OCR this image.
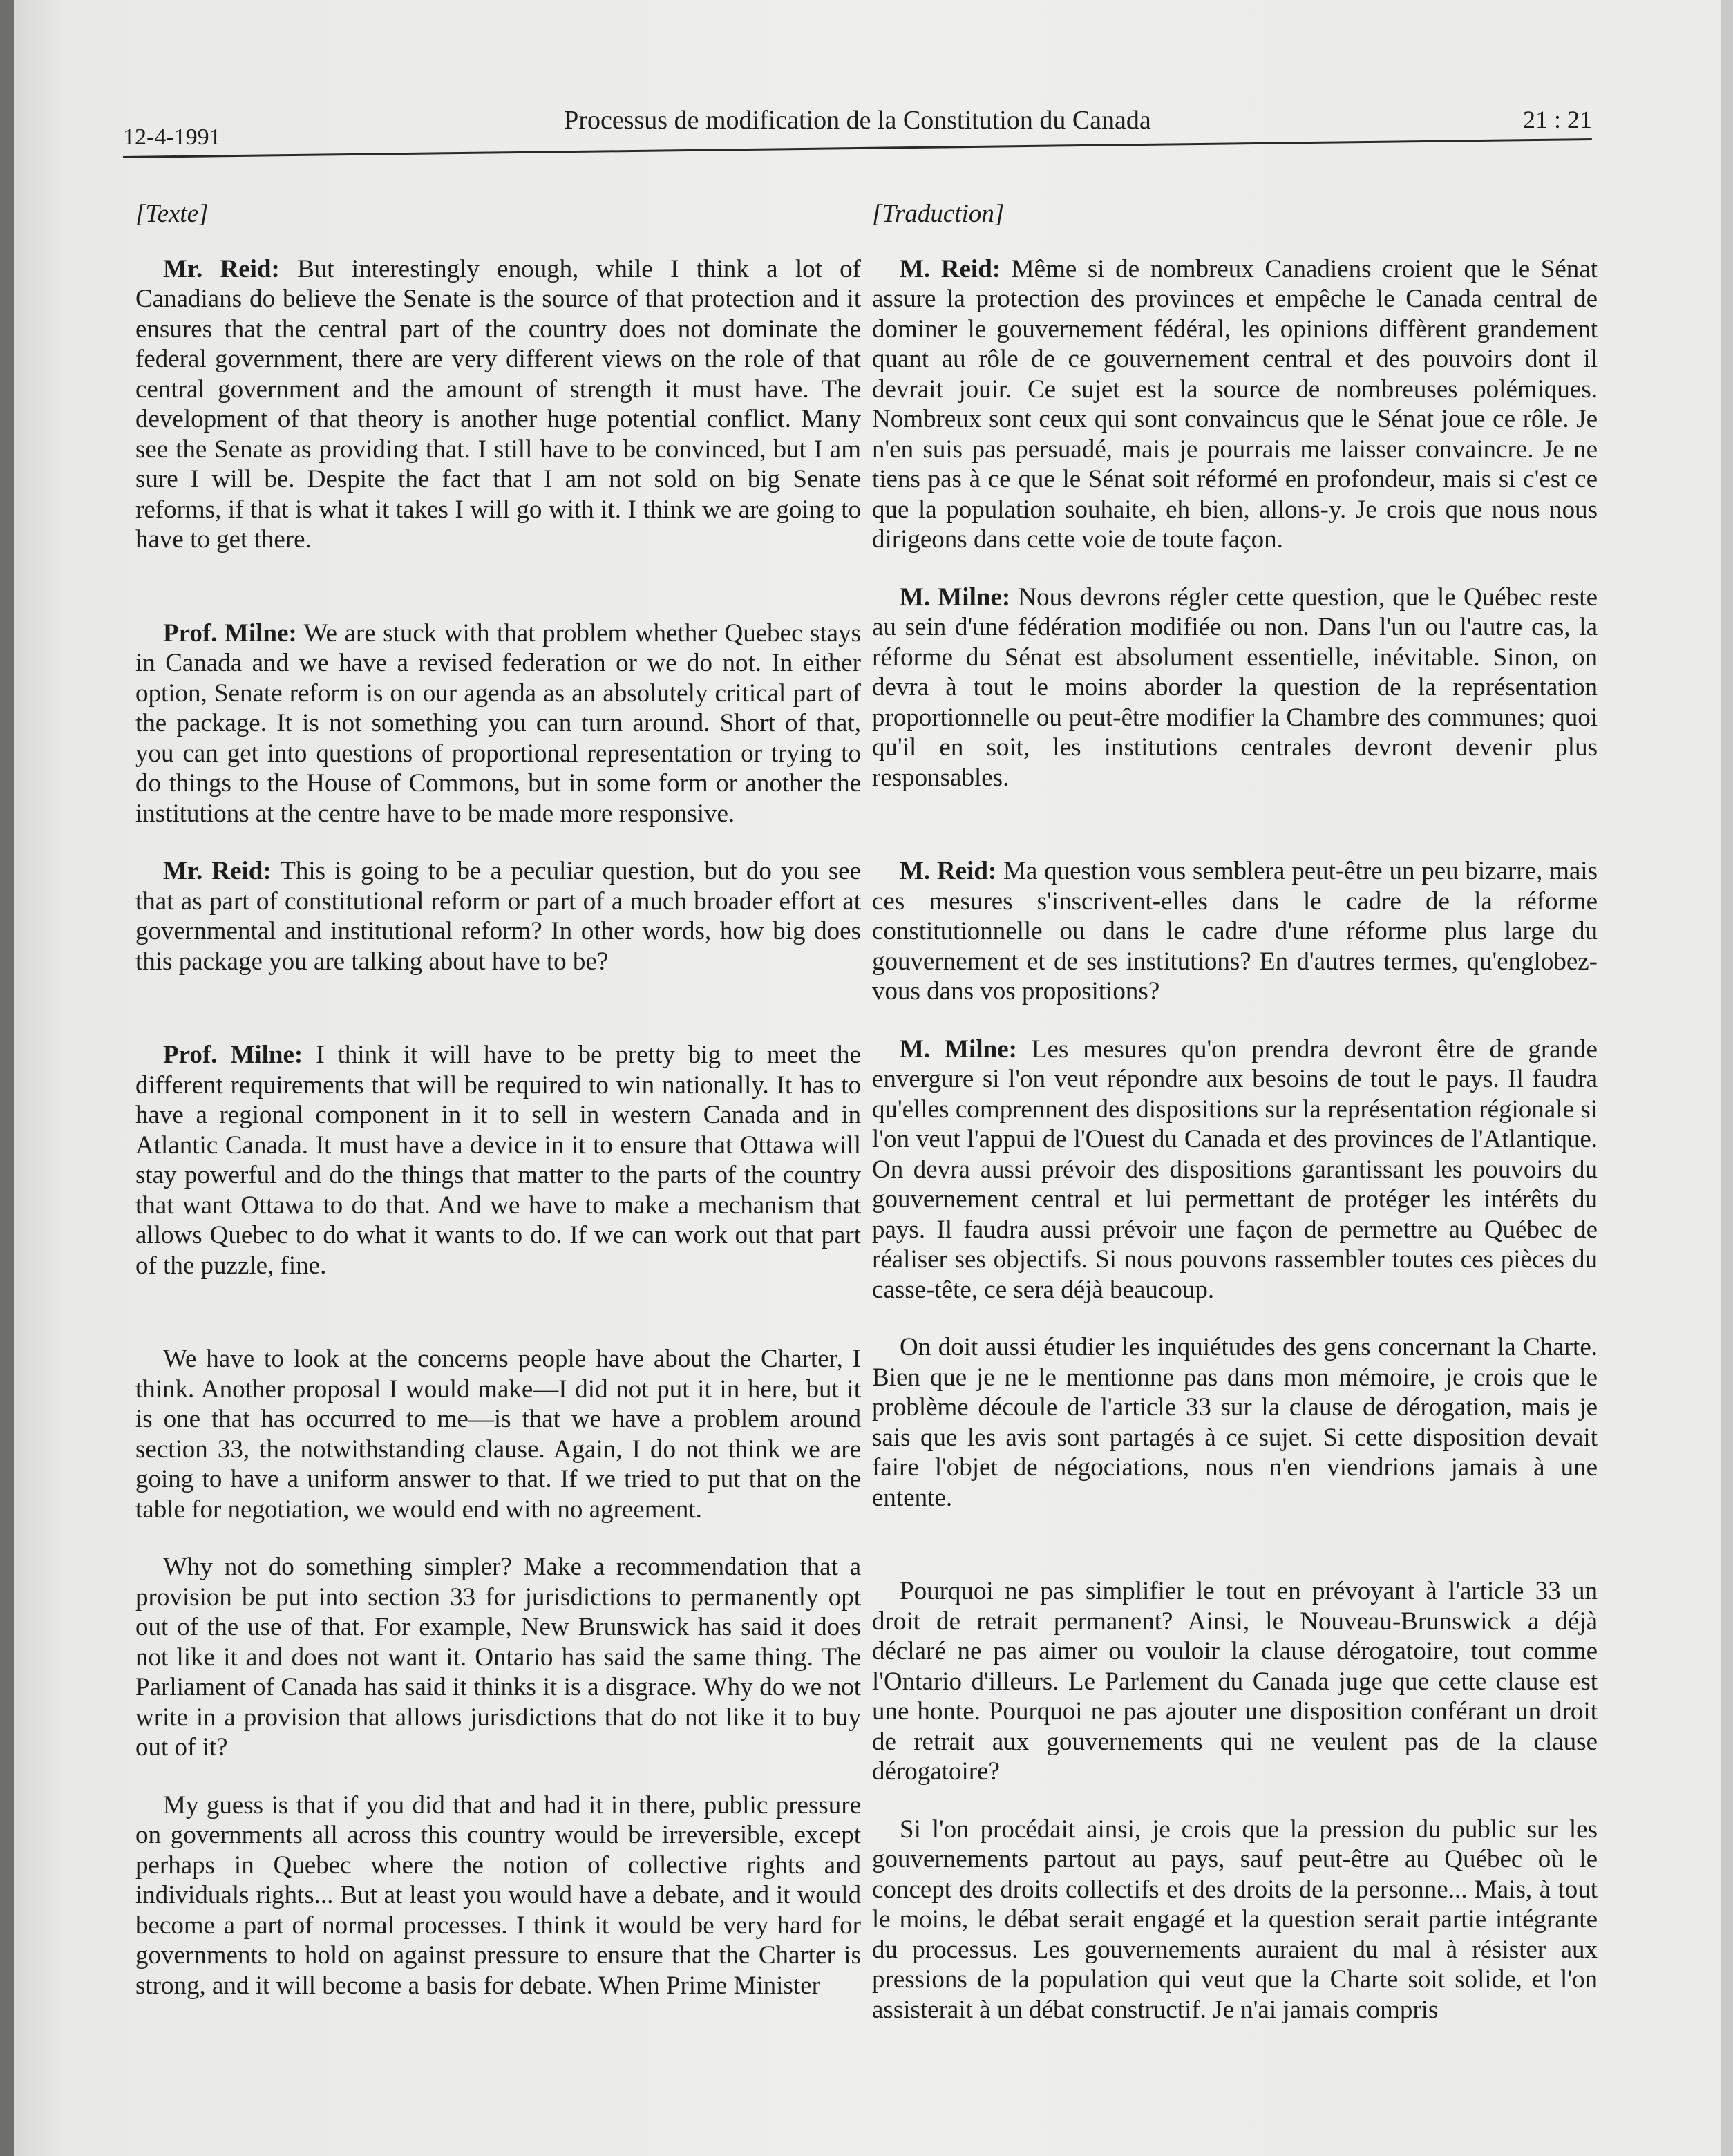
12-4-1991
Processus de modification de la Constitution du Canada	21 : 21

[Texte]

Mr. Reid: But interestingly enough, while I think a lot of Canadians do believe the Senate is the source of that protection and it ensures that the central part of the country does not dominate the federal government, there are very different views on the role of that central government and the amount of strength it must have. The development of that theory is another huge potential conflict. Many see the Senate as providing that. I still have to be convinced, but I am sure I will be. Despite the fact that I am not sold on big Senate reforms, if that is what it takes I will go with it. I think we are going to have to get there.

Prof. Milne: We are stuck with that problem whether Quebec stays in Canada and we have a revised federation or we do not. In either option, Senate reform is on our agenda as an absolutely critical part of the package. It is not something you can turn around. Short of that, you can get into questions of proportional representation or trying to do things to the House of Commons, but in some form or another the institutions at the centre have to be made more responsive.

Mr. Reid: This is going to be a peculiar question, but do you see that as part of constitutional reform or part of a much broader effort at governmental and institutional reform? In other words, how big does this package you are talking about have to be?

Prof. Milne: I think it will have to be pretty big to meet the different requirements that will be required to win nationally. It has to have a regional component in it to sell in western Canada and in Atlantic Canada. It must have a device in it to ensure that Ottawa will stay powerful and do the things that matter to the parts of the country that want Ottawa to do that. And we have to make a mechanism that allows Quebec to do what it wants to do. If we can work out that part of the puzzle, fine.

We have to look at the concerns people have about the Charter, I think. Another proposal I would make—I did not put it in here, but it is one that has occurred to me—is that we have a problem around section 33, the notwithstanding clause. Again, I do not think we are going to have a uniform answer to that. If we tried to put that on the table for negotiation, we would end with no agreement.

Why not do something simpler? Make a recommendation that a provision be put into section 33 for jurisdictions to permanently opt out of the use of that. For example, New Brunswick has said it does not like it and does not want it. Ontario has said the same thing. The Parliament of Canada has said it thinks it is a disgrace. Why do we not write in a provision that allows jurisdictions that do not like it to buy out of it?

My guess is that if you did that and had it in there, public pressure on governments all across this country would be irreversible, except perhaps in Quebec where the notion of collective rights and individuals rights... But at least you would have a debate, and it would become a part of normal processes. I think it would be very hard for governments to hold on against pressure to ensure that the Charter is strong, and it will become a basis for debate. When Prime Minister

[Traduction]

M. Reid: Même si de nombreux Canadiens croient que le Sénat assure la protection des provinces et empêche le Canada central de dominer le gouvernement fédéral, les opinions diffèrent grandement quant au rôle de ce gouvernement central et des pouvoirs dont il devrait jouir. Ce sujet est la source de nombreuses polémiques. Nombreux sont ceux qui sont convaincus que le Sénat joue ce rôle. Je n'en suis pas persuadé, mais je pourrais me laisser convaincre. Je ne tiens pas à ce que le Sénat soit réformé en profondeur, mais si c'est ce que la population souhaite, eh bien, allons-y. Je crois que nous nous dirigeons dans cette voie de toute façon.

M. Milne: Nous devrons régler cette question, que le Québec reste au sein d'une fédération modifiée ou non. Dans l'un ou l'autre cas, la réforme du Sénat est absolument essentielle, inévitable. Sinon, on devra à tout le moins aborder la question de la représentation proportionnelle ou peut-être modifier la Chambre des communes; quoi qu'il en soit, les institutions centrales devront devenir plus responsables.

M. Reid: Ma question vous semblera peut-être un peu bizarre, mais ces mesures s'inscrivent-elles dans le cadre de la réforme constitutionnelle ou dans le cadre d'une réforme plus large du gouvernement et de ses institutions? En d'autres termes, qu'englobez-vous dans vos propositions?

M. Milne: Les mesures qu'on prendra devront être de grande envergure si l'on veut répondre aux besoins de tout le pays. Il faudra qu'elles comprennent des dispositions sur la représentation régionale si l'on veut l'appui de l'Ouest du Canada et des provinces de l'Atlantique. On devra aussi prévoir des dispositions garantissant les pouvoirs du gouvernement central et lui permettant de protéger les intérêts du pays. Il faudra aussi prévoir une façon de permettre au Québec de réaliser ses objectifs. Si nous pouvons rassembler toutes ces pièces du casse-tête, ce sera déjà beaucoup.

On doit aussi étudier les inquiétudes des gens concernant la Charte. Bien que je ne le mentionne pas dans mon mémoire, je crois que le problème découle de l'article 33 sur la clause de dérogation, mais je sais que les avis sont partagés à ce sujet. Si cette disposition devait faire l'objet de négociations, nous n'en viendrions jamais à une entente.

Pourquoi ne pas simplifier le tout en prévoyant à l'article 33 un droit de retrait permanent? Ainsi, le Nouveau-Brunswick a déjà déclaré ne pas aimer ou vouloir la clause dérogatoire, tout comme l'Ontario d'illeurs. Le Parlement du Canada juge que cette clause est une honte. Pourquoi ne pas ajouter une disposition conférant un droit de retrait aux gouvernements qui ne veulent pas de la clause dérogatoire?

Si l'on procédait ainsi, je crois que la pression du public sur les gouvernements partout au pays, sauf peut-être au Québec où le concept des droits collectifs et des droits de la personne... Mais, à tout le moins, le débat serait engagé et la question serait partie intégrante du processus. Les gouvernements auraient du mal à résister aux pressions de la population qui veut que la Charte soit solide, et l'on assisterait à un débat constructif. Je n'ai jamais compris
